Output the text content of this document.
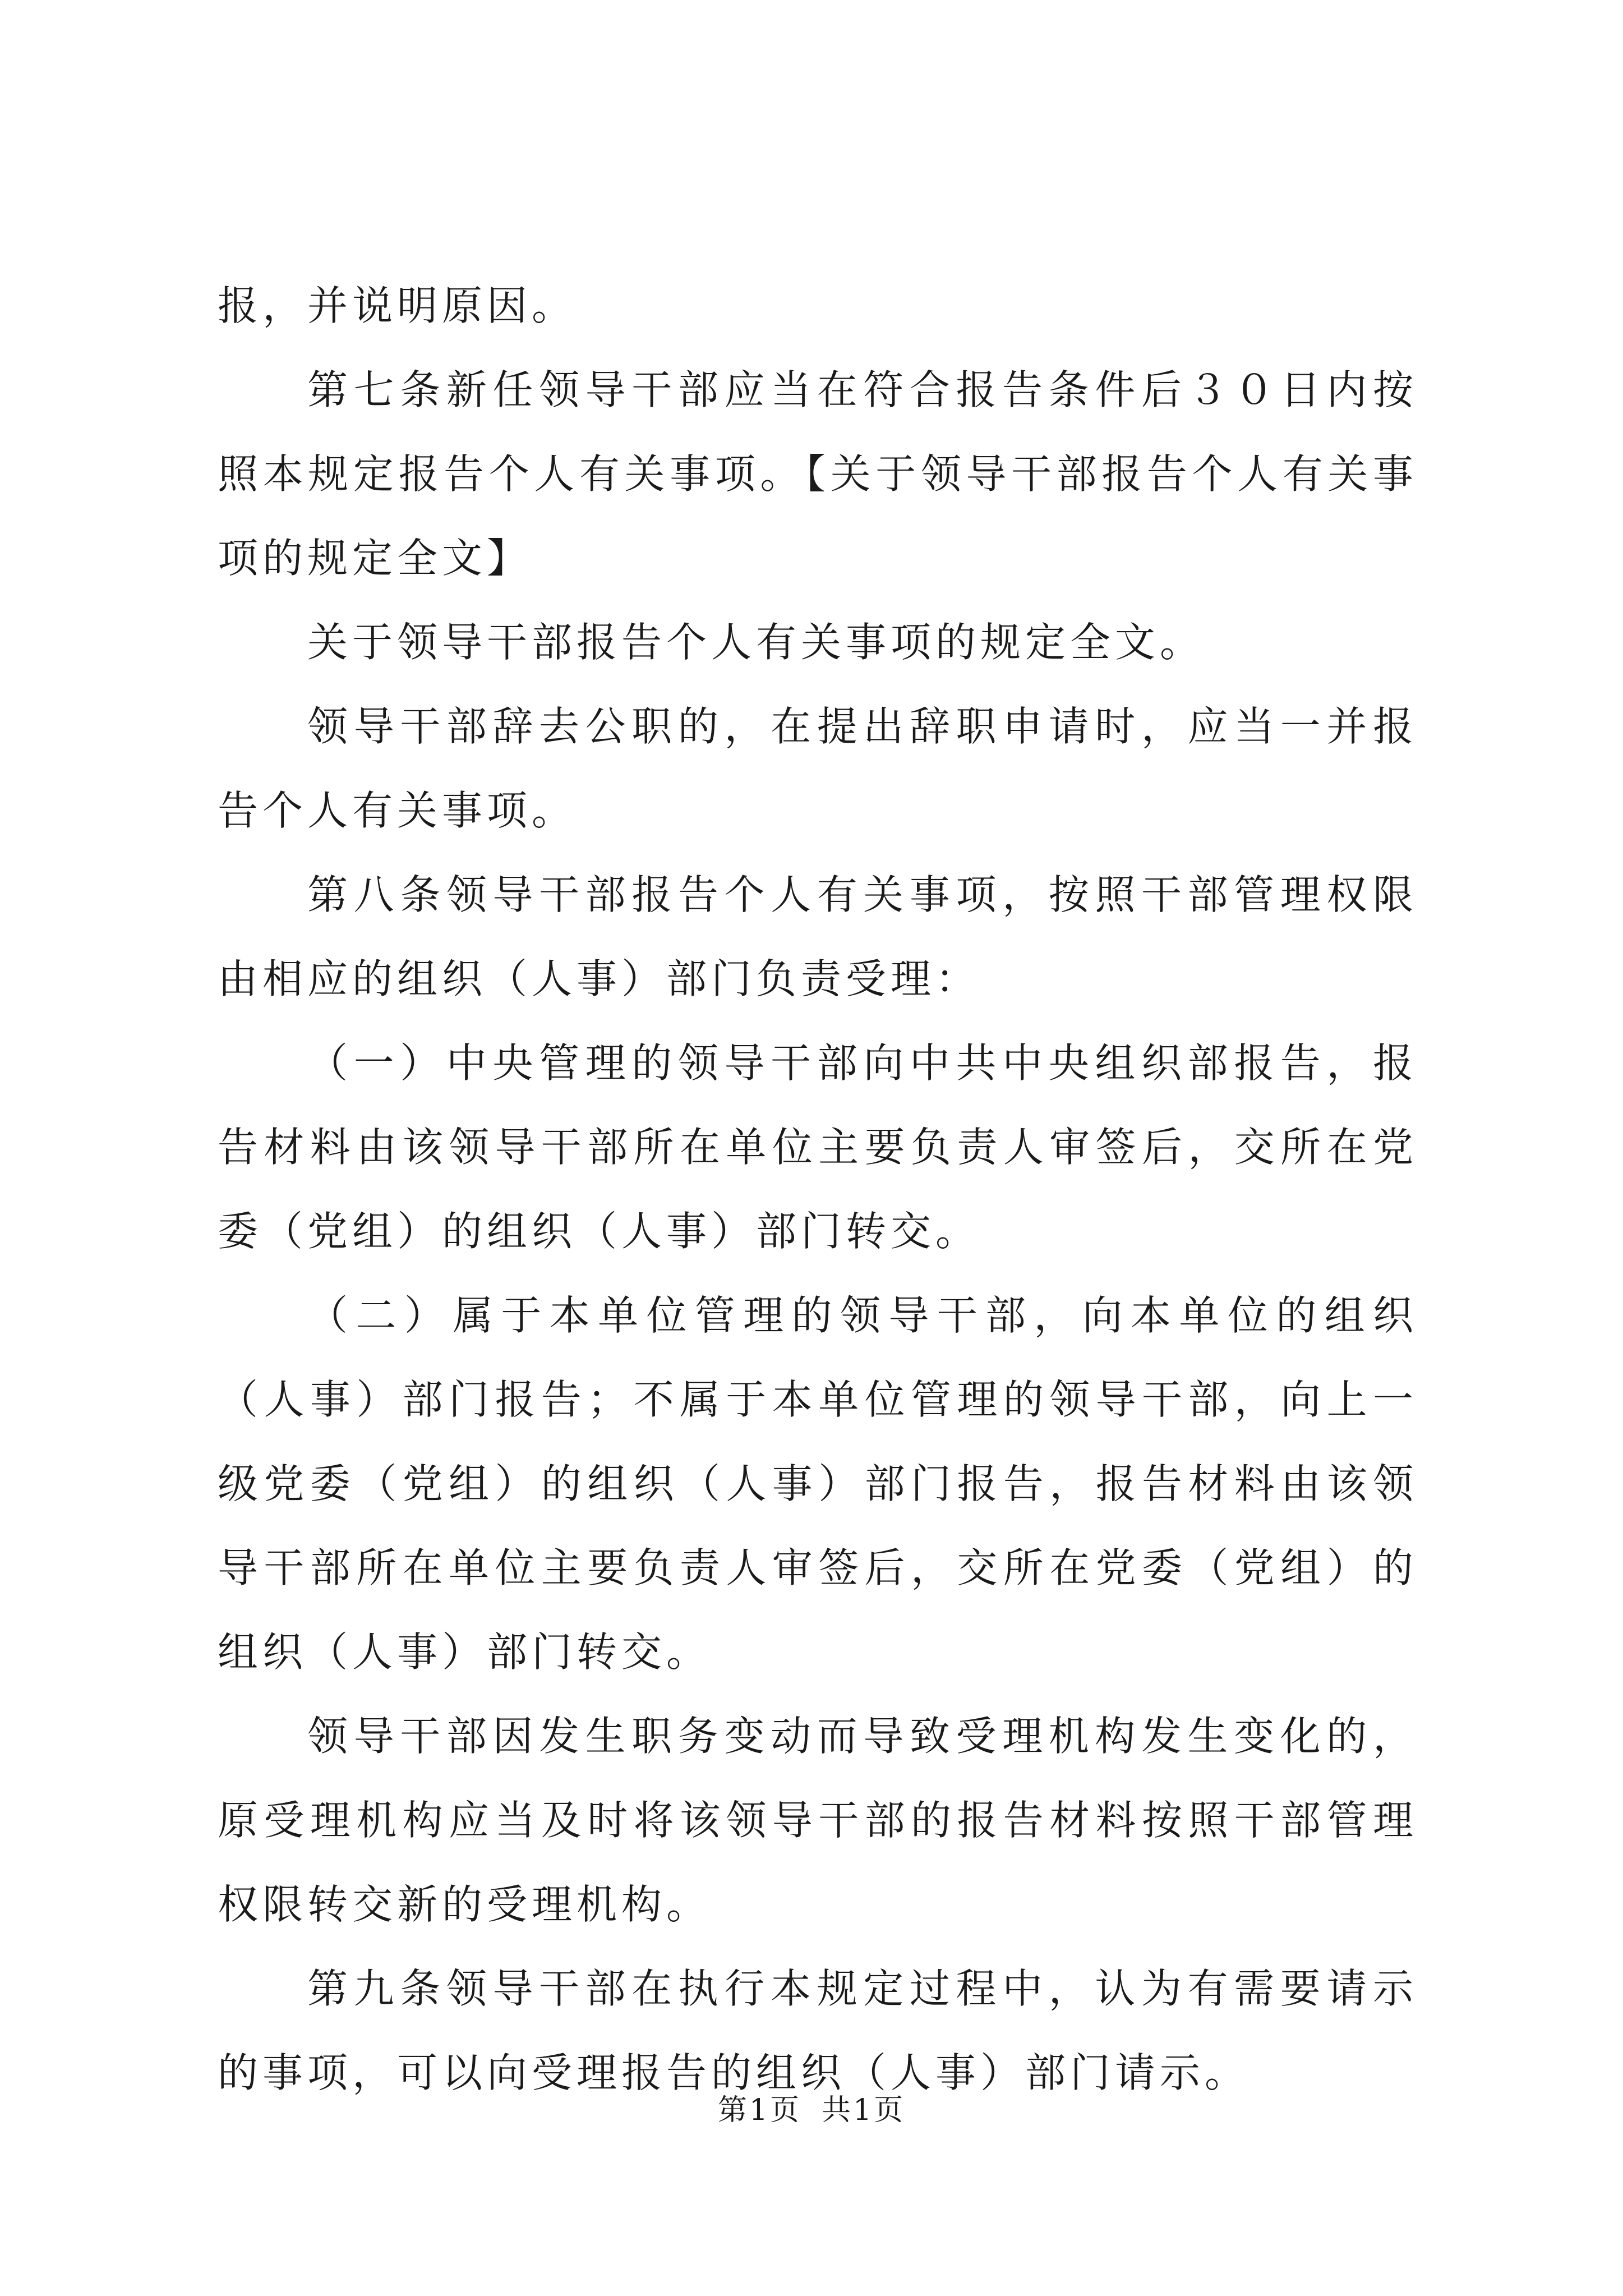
报，并说明原因。

第七条新任领导干部应当在符合报告条件后３０日内按照本规定报告个人有关事项。【关于领导干部报告个人有关事项的规定全文】

关于领导干部报告个人有关事项的规定全文。

领导干部辞去公职的，在提出辞职申请时，应当一并报告个人有关事项。

第八条领导干部报告个人有关事项，按照干部管理权限由相应的组织（人事）部门负责受理：

（一）中央管理的领导干部向中共中央组织部报告，报告材料由该领导干部所在单位主要负责人审签后，交所在党委（党组）的组织（人事）部门转交。

（二）属于本单位管理的领导干部，向本单位的组织（人事）部门报告；不属于本单位管理的领导干部，向上一级党委（党组）的组织（人事）部门报告，报告材料由该领导干部所在单位主要负责人审签后，交所在党委（党组）的组织（人事）部门转交。

领导干部因发生职务变动而导致受理机构发生变化的，原受理机构应当及时将该领导干部的报告材料按照干部管理权限转交新的受理机构。

第九条领导干部在执行本规定过程中，认为有需要请示的事项，可以向受理报告的组织（人事）部门请示。

第1页 共1页
